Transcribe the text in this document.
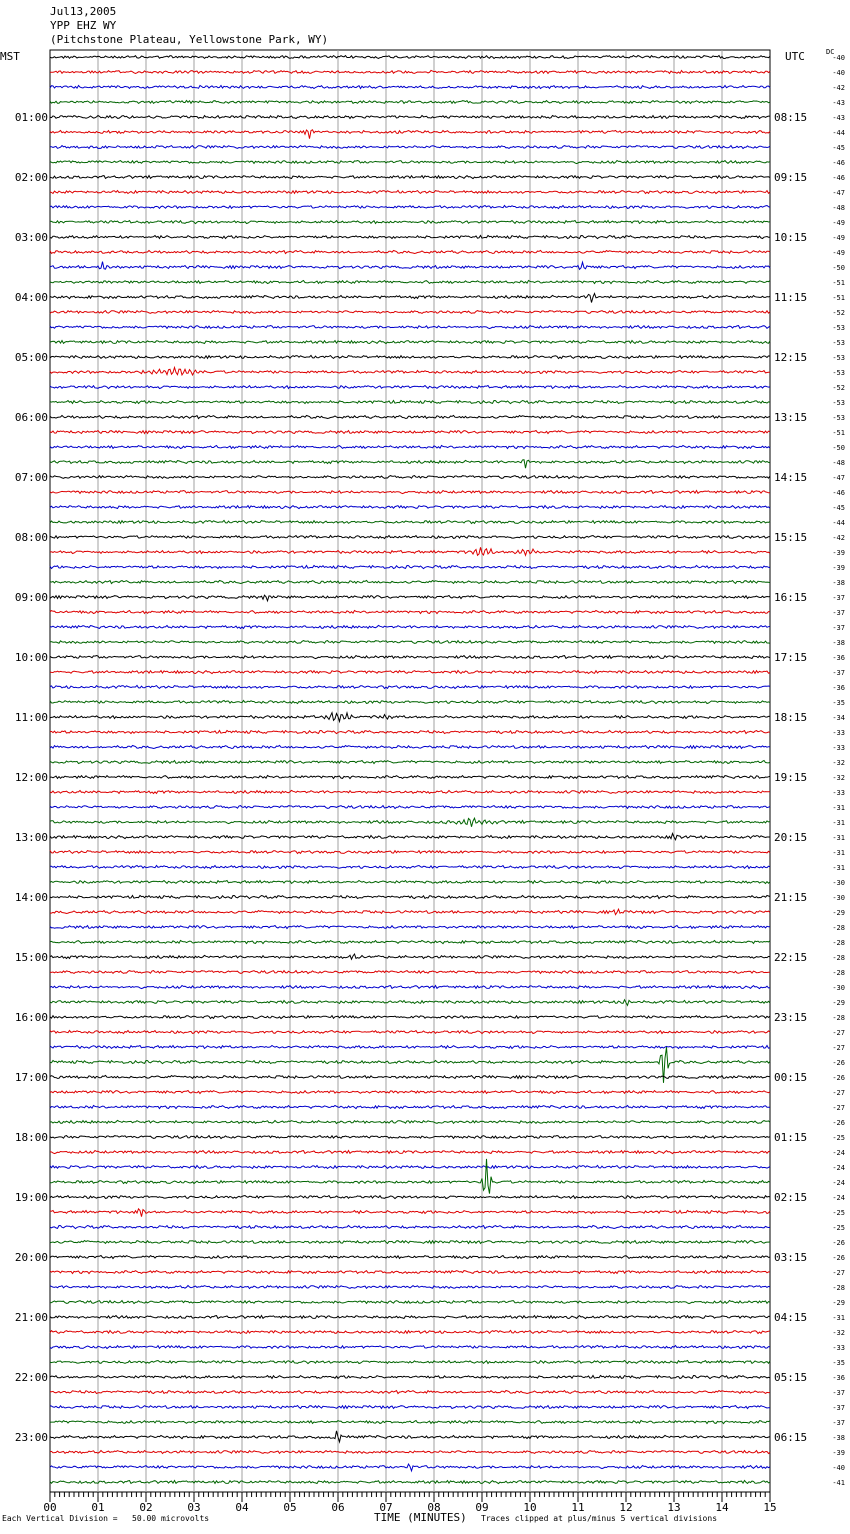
Jul13,2005
YPP EHZ WY
(Pitchstone Plateau, Yellowstone Park, WY)
MST	UTC	DC
00	01	02	03	04	05	06	07	08	09	10	11	12	13	14	15
-40
-40
-42
-43
-43
-44
-45
-46
-46
-47
-48
-49
-49
-49
-50
-51
-51
-52
-53
-53
-53
-53
-52
-53
-53
-51
-50
-48
-47
-46
-45
-44
-42
-39
-39
-38
-37
-37
-37
-38
-36
-37
-36
-35
-34
-33
-33
-32
-32
-33
-31
-31
-31
-31
-31
-30
-30
-29
-28
-28
-28
-28
-30
-29
-28
-27
-27
-26
-26
-27
-27
-26
-25
-24
-24
-24
-24
-25
-25
-26
-26
-27
-28
-29
-31
-32
-33
-35
-36
-37
-37
-37
-38
-39
-40
-41
01:00
02:00
03:00
04:00
05:00
06:00
07:00
08:00
09:00
10:00
11:00
12:00
13:00
14:00
15:00
16:00
17:00
18:00
19:00
20:00
21:00
22:00
23:00
08:15
09:15
10:15
11:15
12:15
13:15
14:15
15:15
16:15
17:15
18:15
19:15
20:15
21:15
22:15
23:15
00:15
01:15
02:15
03:15
04:15
05:15
06:15
Each Vertical Division =   50.00 microvolts	TIME (MINUTES) Traces clipped at plus/minus 5 vertical divisions
